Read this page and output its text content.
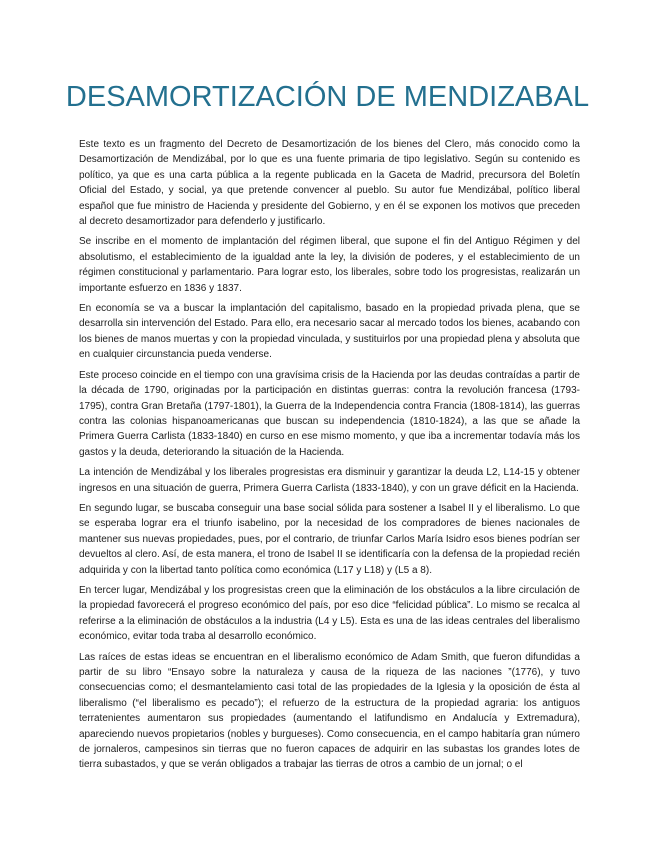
DESAMORTIZACIÓN DE MENDIZABAL

Este texto es un fragmento del Decreto de Desamortización de los bienes del Clero, más conocido como la Desamortización de Mendizábal, por lo que es una fuente primaria de tipo legislativo. Según su contenido es político, ya que es una carta pública a la regente publicada en la Gaceta de Madrid, precursora del Boletín Oficial del Estado, y social, ya que pretende convencer al pueblo. Su autor fue Mendizábal, político liberal español que fue ministro de Hacienda y presidente del Gobierno, y en él se exponen los motivos que preceden al decreto desamortizador para defenderlo y justificarlo.

Se inscribe en el momento de implantación del régimen liberal, que supone el fin del Antiguo Régimen y del absolutismo, el establecimiento de la igualdad ante la ley, la división de poderes, y el establecimiento de un régimen constitucional y parlamentario. Para lograr esto, los liberales, sobre todo los progresistas, realizarán un importante esfuerzo en 1836 y 1837.

En economía se va a buscar la implantación del capitalismo, basado en la propiedad privada plena, que se desarrolla sin intervención del Estado. Para ello, era necesario sacar al mercado todos los bienes, acabando con los bienes de manos muertas y con la propiedad vinculada, y sustituirlos por una propiedad plena y absoluta que en cualquier circunstancia pueda venderse.

Este proceso coincide en el tiempo con una gravísima crisis de la Hacienda por las deudas contraídas a partir de la década de 1790, originadas por la participación en distintas guerras: contra la revolución francesa (1793-1795), contra Gran Bretaña (1797-1801), la Guerra de la Independencia contra Francia (1808-1814), las guerras contra las colonias hispanoamericanas que buscan su independencia (1810-1824), a las que se añade la Primera Guerra Carlista (1833-1840) en curso en ese mismo momento, y que iba a incrementar todavía más los gastos y la deuda, deteriorando la situación de la Hacienda.

La intención de Mendizábal y los liberales progresistas era disminuir y garantizar la deuda L2, L14-15 y obtener ingresos en una situación de guerra, Primera Guerra Carlista (1833-1840), y con un grave déficit en la Hacienda.

En segundo lugar, se buscaba conseguir una base social sólida para sostener a Isabel II y el liberalismo. Lo que se esperaba lograr era el triunfo isabelino, por la necesidad de los compradores de bienes nacionales de mantener sus nuevas propiedades, pues, por el contrario, de triunfar Carlos María Isidro esos bienes podrían ser devueltos al clero. Así, de esta manera, el trono de Isabel II se identificaría con la defensa de la propiedad recién adquirida y con la libertad tanto política como económica (L17 y L18) y (L5 a 8).

En tercer lugar, Mendizábal y los progresistas creen que la eliminación de los obstáculos a la libre circulación de la propiedad favorecerá el progreso económico del país, por eso dice “felicidad pública”. Lo mismo se recalca al referirse a la eliminación de obstáculos a la industria (L4 y L5). Esta es una de las ideas centrales del liberalismo económico, evitar toda traba al desarrollo económico.

Las raíces de estas ideas se encuentran en el liberalismo económico de Adam Smith, que fueron difundidas a partir de su libro “Ensayo sobre la naturaleza y causa de la riqueza de las naciones ”(1776), y tuvo consecuencias como; el desmantelamiento casi total de las propiedades de la Iglesia y la oposición de ésta al liberalismo (“el liberalismo es pecado”); el refuerzo de la estructura de la propiedad agraria: los antiguos terratenientes aumentaron sus propiedades (aumentando el latifundismo en Andalucía y Extremadura), apareciendo nuevos propietarios (nobles y burgueses). Como consecuencia, en el campo habitaría gran número de jornaleros, campesinos sin tierras que no fueron capaces de adquirir en las subastas los grandes lotes de tierra subastados, y que se verán obligados a trabajar las tierras de otros a cambio de un jornal; o el
